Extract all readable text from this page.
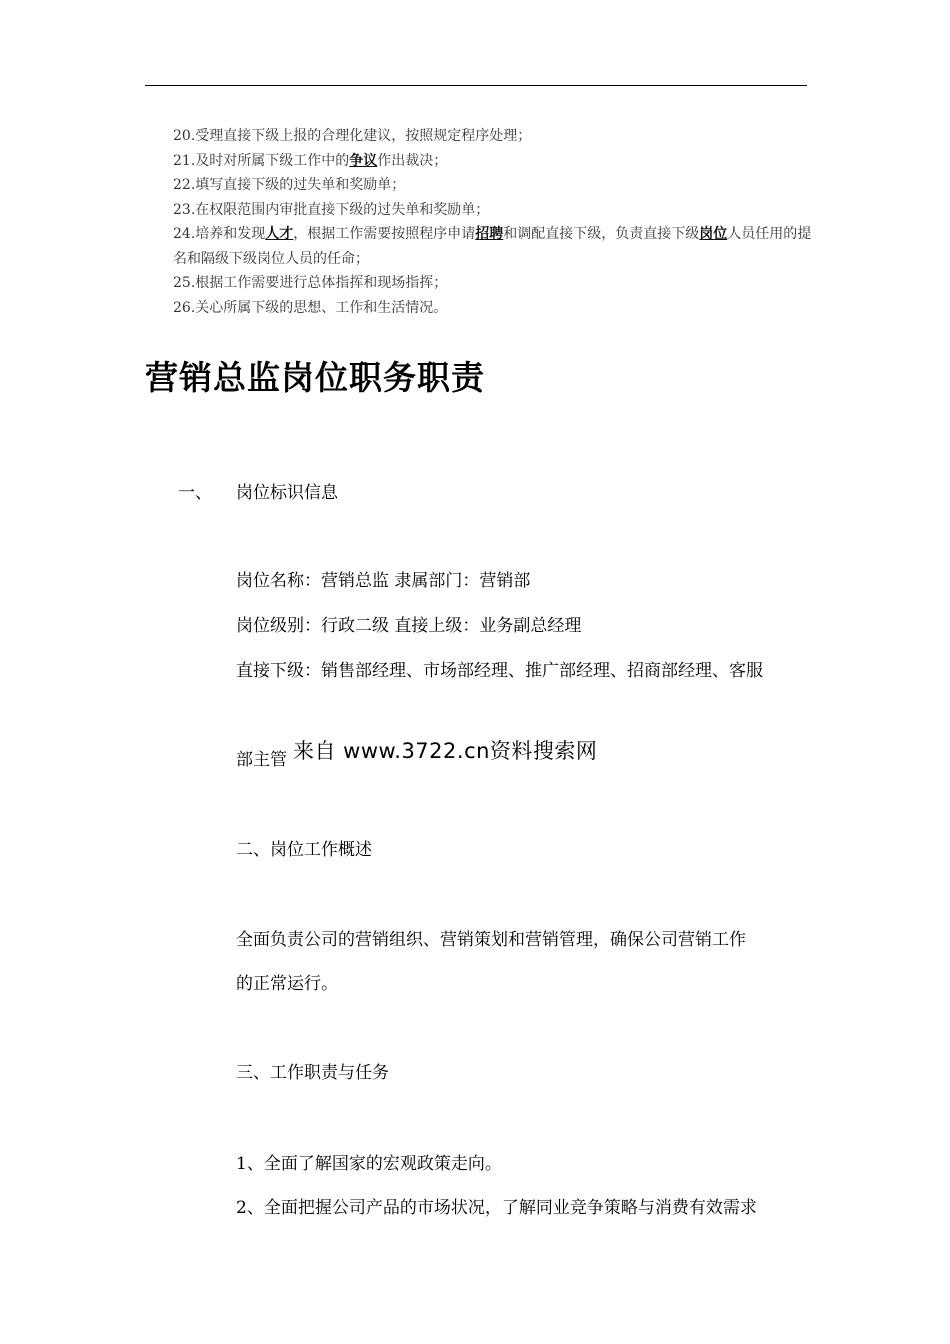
20.受理直接下级上报的合理化建议，按照规定程序处理；
21.及时对所属下级工作中的争议作出裁决；
22.填写直接下级的过失单和奖励单；
23.在权限范围内审批直接下级的过失单和奖励单；
24.培养和发现人才，根据工作需要按照程序申请招聘和调配直接下级，负责直接下级岗位人员任用的提名和隔级下级岗位人员的任命；
25.根据工作需要进行总体指挥和现场指挥；
26.关心所属下级的思想、工作和生活情况。
营销总监岗位职务职责
一、 岗位标识信息
岗位名称：营销总监 隶属部门：营销部
岗位级别：行政二级 直接上级：业务副总经理
直接下级：销售部经理、市场部经理、推广部经理、招商部经理、客服
部主管 来自 www.3722.cn资料搜索网
二、岗位工作概述
全面负责公司的营销组织、营销策划和营销管理，确保公司营销工作
的正常运行。
三、工作职责与任务
1、全面了解国家的宏观政策走向。
2、全面把握公司产品的市场状况，了解同业竞争策略与消费有效需求
